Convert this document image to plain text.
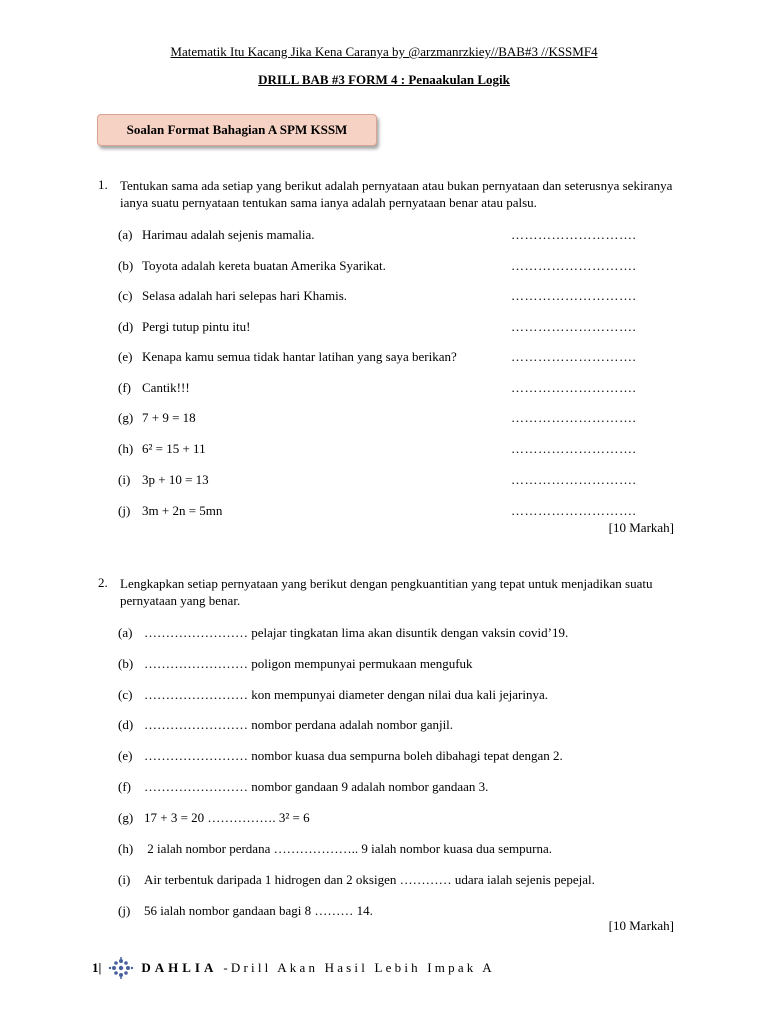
Matematik Itu Kacang Jika Kena Caranya by @arzmanrzkiey//BAB#3 //KSSMF4
DRILL BAB #3 FORM 4 : Penaakulan Logik
Soalan Format Bahagian A SPM KSSM
1. Tentukan sama ada setiap yang berikut adalah pernyataan atau bukan pernyataan dan seterusnya sekiranya ianya suatu pernyataan tentukan sama ianya adalah pernyataan benar atau palsu.
(a) Harimau adalah sejenis mamalia.	……………………….
(b) Toyota adalah kereta buatan Amerika Syarikat.	……………………….
(c) Selasa adalah hari selepas hari Khamis.	……………………….
(d) Pergi tutup pintu itu!	……………………….
(e) Kenapa kamu semua tidak hantar latihan yang saya berikan?	……………………….
(f) Cantik!!!	……………………….
(g) 7 + 9 = 18	……………………….
(h) 6² = 15 + 11	……………………….
(i) 3p + 10 = 13	……………………….
(j) 3m + 2n = 5mn	……………………….
[10 Markah]
2. Lengkapkan setiap pernyataan yang berikut dengan pengkuantitian yang tepat untuk menjadikan suatu pernyataan yang benar.
(a) …………………… pelajar tingkatan lima akan disuntik dengan vaksin covid’19.
(b) …………………… poligon mempunyai permukaan mengufuk
(c) …………………… kon mempunyai diameter dengan nilai dua kali jejarinya.
(d) …………………… nombor perdana adalah nombor ganjil.
(e) …………………… nombor kuasa dua sempurna boleh dibahagi tepat dengan 2.
(f) …………………… nombor gandaan 9 adalah nombor gandaan 3.
(g) 17 + 3 = 20 ……………. 3² = 6
(h) 2 ialah nombor perdana ……………….. 9 ialah nombor kuasa dua sempurna.
(i) Air terbentuk daripada 1 hidrogen dan 2 oksigen ………… udara ialah sejenis pepejal.
(j) 56 ialah nombor gandaan bagi 8 ……… 14.
[10 Markah]
1|	DAHLIA -Drill Akan Hasil Lebih Impak A
